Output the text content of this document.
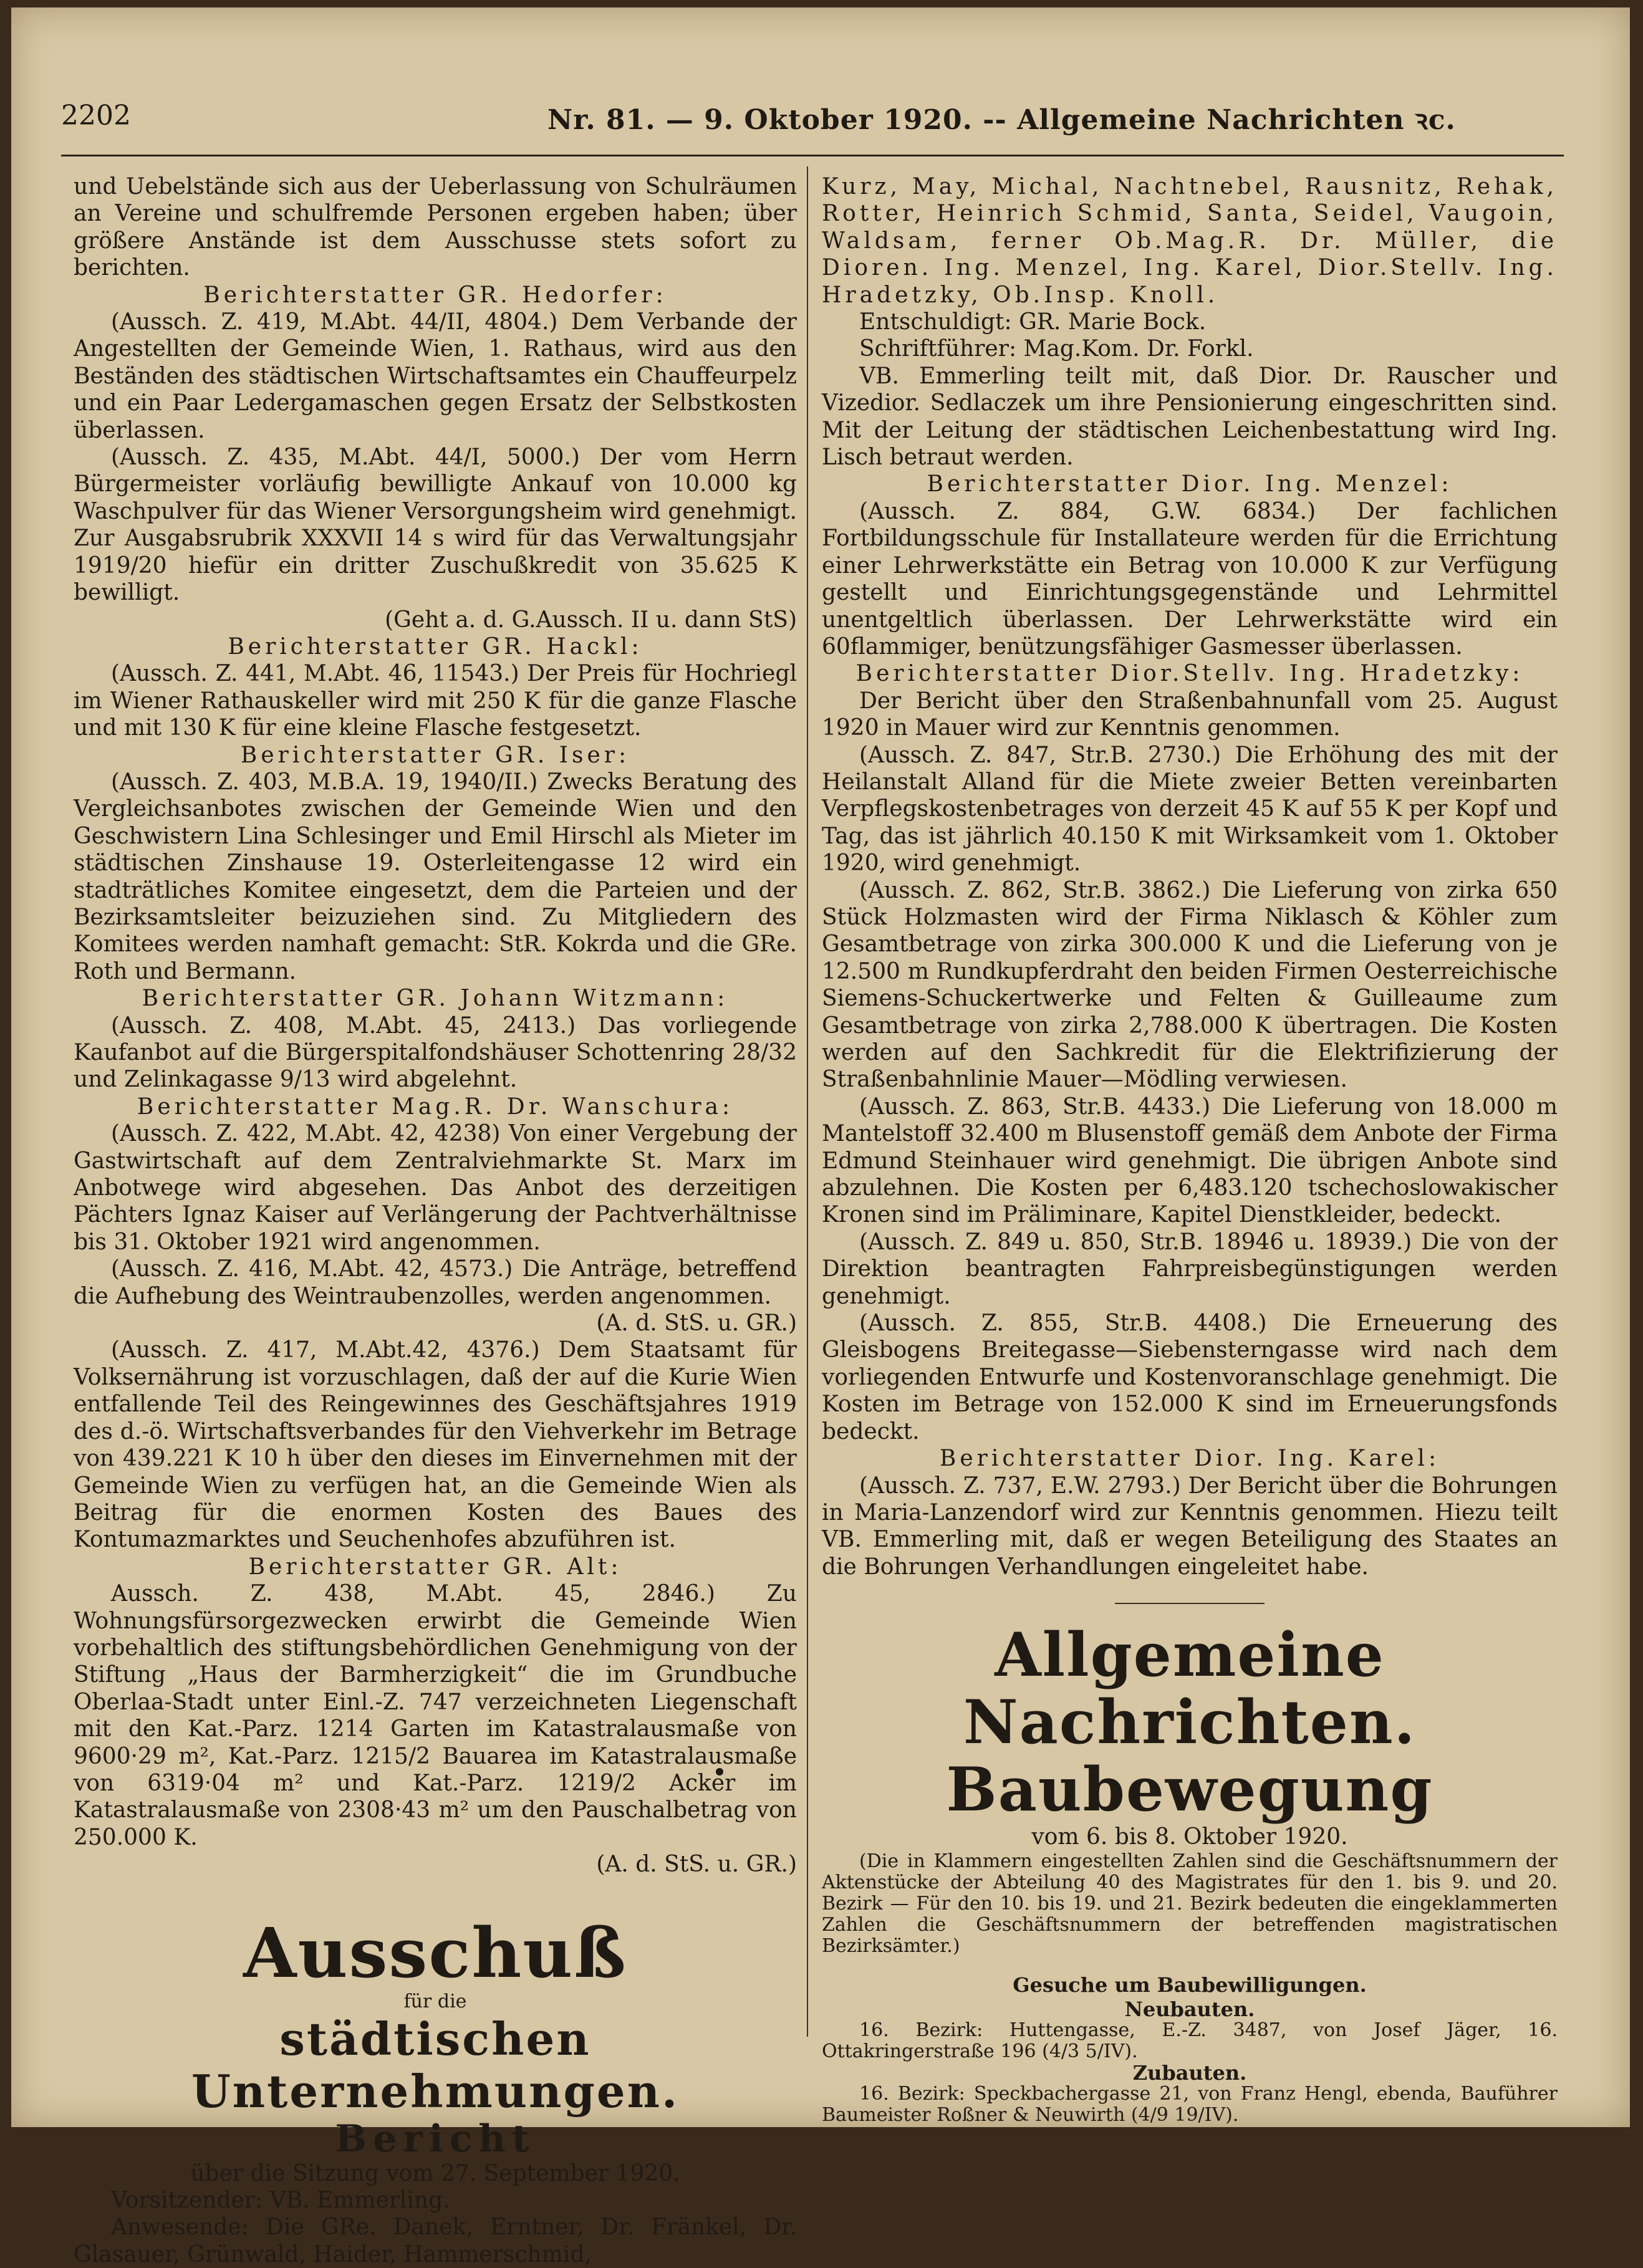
2202	Nr. 81. — 9. Oktober 1920. -- Allgemeine Nachrichten ꝛc.

und Uebelstände sich aus der Ueberlassung von Schulräumen an Vereine und schulfremde Personen ergeben haben; über größere Anstände ist dem Ausschusse stets sofort zu berichten.

Berichterstatter GR. Hedorfer:

(Aussch. Z. 419, M.Abt. 44/II, 4804.) Dem Verbande der Angestellten der Gemeinde Wien, 1. Rathaus, wird aus den Beständen des städtischen Wirtschaftsamtes ein Chauffeurpelz und ein Paar Ledergamaschen gegen Ersatz der Selbstkosten überlassen.

(Aussch. Z. 435, M.Abt. 44/I, 5000.) Der vom Herrn Bürgermeister vorläufig bewilligte Ankauf von 10.000 kg Waschpulver für das Wiener Versorgungsheim wird genehmigt. Zur Ausgabsrubrik XXXVII 14 s wird für das Verwaltungsjahr 1919/20 hiefür ein dritter Zuschußkredit von 35.625 K bewilligt.

(Geht a. d. G.Aussch. II u. dann StS)

Berichterstatter GR. Hackl:

(Aussch. Z. 441, M.Abt. 46, 11543.) Der Preis für Hochriegl im Wiener Rathauskeller wird mit 250 K für die ganze Flasche und mit 130 K für eine kleine Flasche festgesetzt.

Berichterstatter GR. Iser:

(Aussch. Z. 403, M.B.A. 19, 1940/II.) Zwecks Beratung des Vergleichsanbotes zwischen der Gemeinde Wien und den Geschwistern Lina Schlesinger und Emil Hirschl als Mieter im städtischen Zinshause 19. Osterleitengasse 12 wird ein stadträtliches Komitee eingesetzt, dem die Parteien und der Bezirksamtsleiter beizuziehen sind. Zu Mitgliedern des Komitees werden namhaft gemacht: StR. Kokrda und die GRe. Roth und Bermann.

Berichterstatter GR. Johann Witzmann:

(Aussch. Z. 408, M.Abt. 45, 2413.) Das vorliegende Kaufanbot auf die Bürgerspitalfondshäuser Schottenring 28/32 und Zelinkagasse 9/13 wird abgelehnt.

Berichterstatter Mag.R. Dr. Wanschura:

(Aussch. Z. 422, M.Abt. 42, 4238) Von einer Vergebung der Gastwirtschaft auf dem Zentralviehmarkte St. Marx im Anbotwege wird abgesehen. Das Anbot des derzeitigen Pächters Ignaz Kaiser auf Verlängerung der Pachtverhältnisse bis 31. Oktober 1921 wird angenommen.

(Aussch. Z. 416, M.Abt. 42, 4573.) Die Anträge, betreffend die Aufhebung des Weintraubenzolles, werden angenommen.

(A. d. StS. u. GR.)

(Aussch. Z. 417, M.Abt.42, 4376.) Dem Staatsamt für Volksernährung ist vorzuschlagen, daß der auf die Kurie Wien entfallende Teil des Reingewinnes des Geschäftsjahres 1919 des d.-ö. Wirtschaftsverbandes für den Viehverkehr im Betrage von 439.221 K 10 h über den dieses im Einvernehmen mit der Gemeinde Wien zu verfügen hat, an die Gemeinde Wien als Beitrag für die enormen Kosten des Baues des Kontumazmarktes und Seuchenhofes abzuführen ist.

Berichterstatter GR. Alt:

Aussch. Z. 438, M.Abt. 45, 2846.) Zu Wohnungsfürsorgezwecken erwirbt die Gemeinde Wien vorbehaltlich des stiftungsbehördlichen Genehmigung von der Stiftung „Haus der Barmherzigkeit“ die im Grundbuche Oberlaa-Stadt unter Einl.-Z. 747 verzeichneten Liegenschaft mit den Kat.-Parz. 1214 Garten im Katastralausmaße von 9600·29 m², Kat.-Parz. 1215/2 Bauarea im Katastralausmaße von 6319·04 m² und Kat.-Parz. 1219/2 Acker im Katastralausmaße von 2308·43 m² um den Pauschalbetrag von 250.000 K.

(A. d. StS. u. GR.)

Ausschuß
für die
städtischen Unternehmungen.
Bericht

über die Sitzung vom 27. September 1920.

Vorsitzender: VB. Emmerling.

Anwesende: Die GRe. Danek, Erntner, Dr. Fränkel, Dr. Glasauer, Grünwald, Haider, Hammerschmid,

Kurz, May, Michal, Nachtnebel, Rausnitz, Rehak, Rotter, Heinrich Schmid, Santa, Seidel, Vaugoin, Waldsam, ferner Ob.Mag.R. Dr. Müller, die Dioren. Ing. Menzel, Ing. Karel, Dior.Stellv. Ing. Hradetzky, Ob.Insp. Knoll.

Entschuldigt: GR. Marie Bock.

Schriftführer: Mag.Kom. Dr. Forkl.

VB. Emmerling teilt mit, daß Dior. Dr. Rauscher und Vizedior. Sedlaczek um ihre Pensionierung eingeschritten sind. Mit der Leitung der städtischen Leichenbestattung wird Ing. Lisch betraut werden.

Berichterstatter Dior. Ing. Menzel:

(Aussch. Z. 884, G.W. 6834.) Der fachlichen Fortbildungsschule für Installateure werden für die Errichtung einer Lehrwerkstätte ein Betrag von 10.000 K zur Verfügung gestellt und Einrichtungsgegenstände und Lehrmittel unentgeltlich überlassen. Der Lehrwerkstätte wird ein 60flammiger, benützungsfähiger Gasmesser überlassen.

Berichterstatter Dior.Stellv. Ing. Hradetzky:

Der Bericht über den Straßenbahnunfall vom 25. August 1920 in Mauer wird zur Kenntnis genommen.

(Aussch. Z. 847, Str.B. 2730.) Die Erhöhung des mit der Heilanstalt Alland für die Miete zweier Betten vereinbarten Verpflegskostenbetrages von derzeit 45 K auf 55 K per Kopf und Tag, das ist jährlich 40.150 K mit Wirksamkeit vom 1. Oktober 1920, wird genehmigt.

(Aussch. Z. 862, Str.B. 3862.) Die Lieferung von zirka 650 Stück Holzmasten wird der Firma Niklasch & Köhler zum Gesamtbetrage von zirka 300.000 K und die Lieferung von je 12.500 m Rundkupferdraht den beiden Firmen Oesterreichische Siemens-Schuckertwerke und Felten & Guilleaume zum Gesamtbetrage von zirka 2,788.000 K übertragen. Die Kosten werden auf den Sachkredit für die Elektrifizierung der Straßenbahnlinie Mauer—Mödling verwiesen.

(Aussch. Z. 863, Str.B. 4433.) Die Lieferung von 18.000 m Mantelstoff 32.400 m Blusenstoff gemäß dem Anbote der Firma Edmund Steinhauer wird genehmigt. Die übrigen Anbote sind abzulehnen. Die Kosten per 6,483.120 tschechoslowakischer Kronen sind im Präliminare, Kapitel Dienstkleider, bedeckt.

(Aussch. Z. 849 u. 850, Str.B. 18946 u. 18939.) Die von der Direktion beantragten Fahrpreisbegünstigungen werden genehmigt.

(Aussch. Z. 855, Str.B. 4408.) Die Erneuerung des Gleisbogens Breitegasse—Siebensterngasse wird nach dem vorliegenden Entwurfe und Kostenvoranschlage genehmigt. Die Kosten im Betrage von 152.000 K sind im Erneuerungsfonds bedeckt.

Berichterstatter Dior. Ing. Karel:

(Aussch. Z. 737, E.W. 2793.) Der Bericht über die Bohrungen in Maria-Lanzendorf wird zur Kenntnis genommen. Hiezu teilt VB. Emmerling mit, daß er wegen Beteiligung des Staates an die Bohrungen Verhandlungen eingeleitet habe.

Allgemeine Nachrichten.
Baubewegung

vom 6. bis 8. Oktober 1920.

(Die in Klammern eingestellten Zahlen sind die Geschäftsnummern der Aktenstücke der Abteilung 40 des Magistrates für den 1. bis 9. und 20. Bezirk — Für den 10. bis 19. und 21. Bezirk bedeuten die eingeklammerten Zahlen die Geschäftsnummern der betreffenden magistratischen Bezirksämter.)

Gesuche um Baubewilligungen.

Neubauten.

16. Bezirk: Huttengasse, E.-Z. 3487, von Josef Jäger, 16. Ottakringerstraße 196 (4/3 5/IV).

Zubauten.

16. Bezirk: Speckbachergasse 21, von Franz Hengl, ebenda, Bauführer Baumeister Roßner & Neuwirth (4/9 19/IV).
